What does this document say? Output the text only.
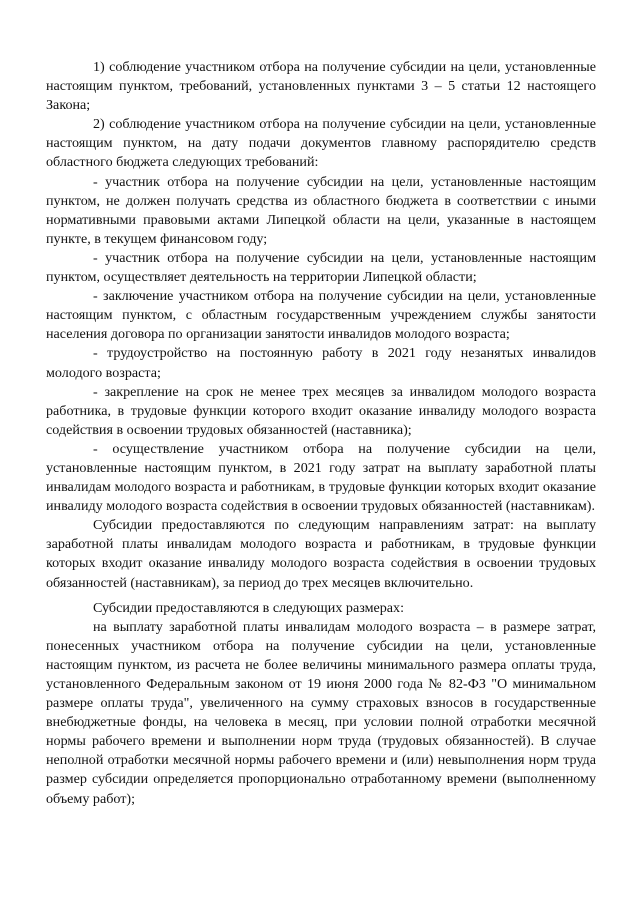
1) соблюдение участником отбора на получение субсидии на цели, установленные настоящим пунктом, требований, установленных пунктами 3 – 5 статьи 12 настоящего Закона;

2) соблюдение участником отбора на получение субсидии на цели, установленные настоящим пунктом, на дату подачи документов главному распорядителю средств областного бюджета следующих требований:

- участник отбора на получение субсидии на цели, установленные настоящим пунктом, не должен получать средства из областного бюджета в соответствии с иными нормативными правовыми актами Липецкой области на цели, указанные в настоящем пункте, в текущем финансовом году;

- участник отбора на получение субсидии на цели, установленные настоящим пунктом, осуществляет деятельность на территории Липецкой области;

- заключение участником отбора на получение субсидии на цели, установленные настоящим пунктом, с областным государственным учреждением службы занятости населения договора по организации занятости инвалидов молодого возраста;

- трудоустройство на постоянную работу в 2021 году незанятых инвалидов молодого возраста;

- закрепление на срок не менее трех месяцев за инвалидом молодого возраста работника, в трудовые функции которого входит оказание инвалиду молодого возраста содействия в освоении трудовых обязанностей (наставника);

- осуществление участником отбора на получение субсидии на цели, установленные настоящим пунктом, в 2021 году затрат на выплату заработной платы инвалидам молодого возраста и работникам, в трудовые функции которых входит оказание инвалиду молодого возраста содействия в освоении трудовых обязанностей (наставникам).

Субсидии предоставляются по следующим направлениям затрат: на выплату заработной платы инвалидам молодого возраста и работникам, в трудовые функции которых входит оказание инвалиду молодого возраста содействия в освоении трудовых обязанностей (наставникам), за период до трех месяцев включительно.

Субсидии предоставляются в следующих размерах:

на выплату заработной платы инвалидам молодого возраста – в размере затрат, понесенных участником отбора на получение субсидии на цели, установленные настоящим пунктом, из расчета не более величины минимального размера оплаты труда, установленного Федеральным законом от 19 июня 2000 года № 82-ФЗ "О минимальном размере оплаты труда", увеличенного на сумму страховых взносов в государственные внебюджетные фонды, на человека в месяц, при условии полной отработки месячной нормы рабочего времени и выполнении норм труда (трудовых обязанностей). В случае неполной отработки месячной нормы рабочего времени и (или) невыполнения норм труда размер субсидии определяется пропорционально отработанному времени (выполненному объему работ);
